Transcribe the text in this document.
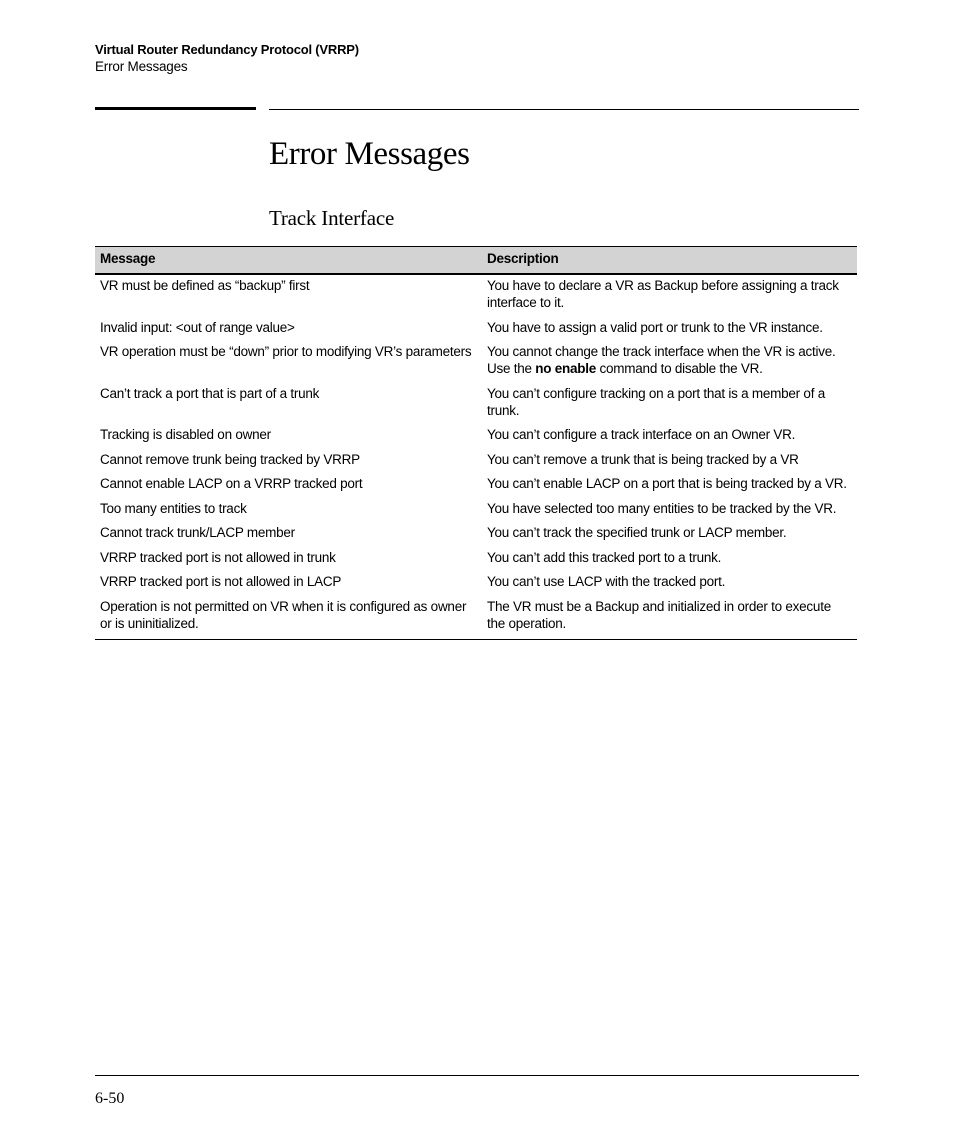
Virtual Router Redundancy Protocol (VRRP)
Error Messages
Error Messages
Track Interface
Message	Description
VR must be defined as “backup” first	You have to declare a VR as Backup before assigning a track interface to it.
Invalid input: <out of range value>	You have to assign a valid port or trunk to the VR instance.
VR operation must be “down” prior to modifying VR’s parameters	You cannot change the track interface when the VR is active. Use the no enable command to disable the VR.
Can’t track a port that is part of a trunk	You can’t configure tracking on a port that is a member of a trunk.
Tracking is disabled on owner	You can’t configure a track interface on an Owner VR.
Cannot remove trunk being tracked by VRRP	You can’t remove a trunk that is being tracked by a VR
Cannot enable LACP on a VRRP tracked port	You can’t enable LACP on a port that is being tracked by a VR.
Too many entities to track	You have selected too many entities to be tracked by the VR.
Cannot track trunk/LACP member	You can’t track the specified trunk or LACP member.
VRRP tracked port is not allowed in trunk	You can’t add this tracked port to a trunk.
VRRP tracked port is not allowed in LACP	You can’t use LACP with the tracked port.
Operation is not permitted on VR when it is configured as owner or is uninitialized.	The VR must be a Backup and initialized in order to execute the operation.
6-50
